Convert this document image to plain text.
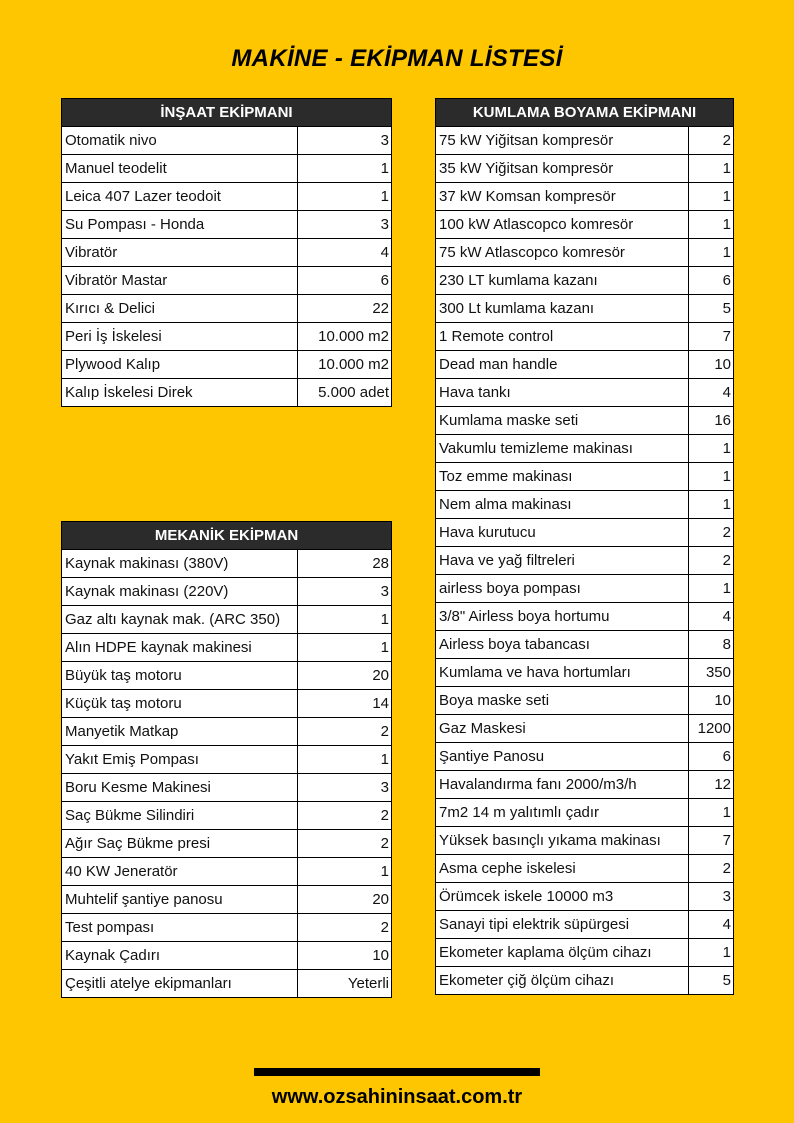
MAKİNE - EKİPMAN LİSTESİ
İNŞAAT EKİPMANI	
Otomatik nivo	3
Manuel teodelit	1
Leica 407 Lazer teodoit	1
Su Pompası - Honda	3
Vibratör	4
Vibratör Mastar	6
Kırıcı & Delici	22
Peri İş İskelesi	10.000 m2
Plywood Kalıp	10.000 m2
Kalıp İskelesi Direk	5.000 adet
MEKANİK EKİPMAN	
Kaynak makinası (380V)	28
Kaynak makinası (220V)	3
Gaz altı kaynak mak. (ARC 350)	1
Alın HDPE kaynak makinesi	1
Büyük taş motoru	20
Küçük taş motoru	14
Manyetik Matkap	2
Yakıt Emiş Pompası	1
Boru Kesme Makinesi	3
Saç Bükme Silindiri	2
Ağır Saç Bükme presi	2
40 KW Jeneratör	1
Muhtelif şantiye panosu	20
Test pompası	2
Kaynak Çadırı	10
Çeşitli atelye ekipmanları	Yeterli
KUMLAMA BOYAMA EKİPMANI	
75 kW Yiğitsan kompresör	2
35 kW Yiğitsan kompresör	1
37 kW Komsan kompresör	1
100 kW Atlascopco komresör	1
75 kW Atlascopco komresör	1
230 LT kumlama kazanı	6
300 Lt kumlama kazanı	5
1 Remote control	7
Dead man handle	10
Hava tankı	4
Kumlama maske seti	16
Vakumlu temizleme makinası	1
Toz emme makinası	1
Nem alma makinası	1
Hava kurutucu	2
Hava ve yağ filtreleri	2
airless boya pompası	1
3/8" Airless boya hortumu	4
Airless boya tabancası	8
Kumlama ve hava hortumları	350
Boya maske seti	10
Gaz Maskesi	1200
Şantiye Panosu	6
Havalandırma fanı 2000/m3/h	12
7m2 14 m yalıtımlı çadır	1
Yüksek basınçlı yıkama makinası	7
Asma cephe iskelesi	2
Örümcek iskele 10000 m3	3
Sanayi tipi elektrik süpürgesi	4
Ekometer kaplama ölçüm cihazı	1
Ekometer çiğ ölçüm cihazı	5
www.ozsahininsaat.com.tr
